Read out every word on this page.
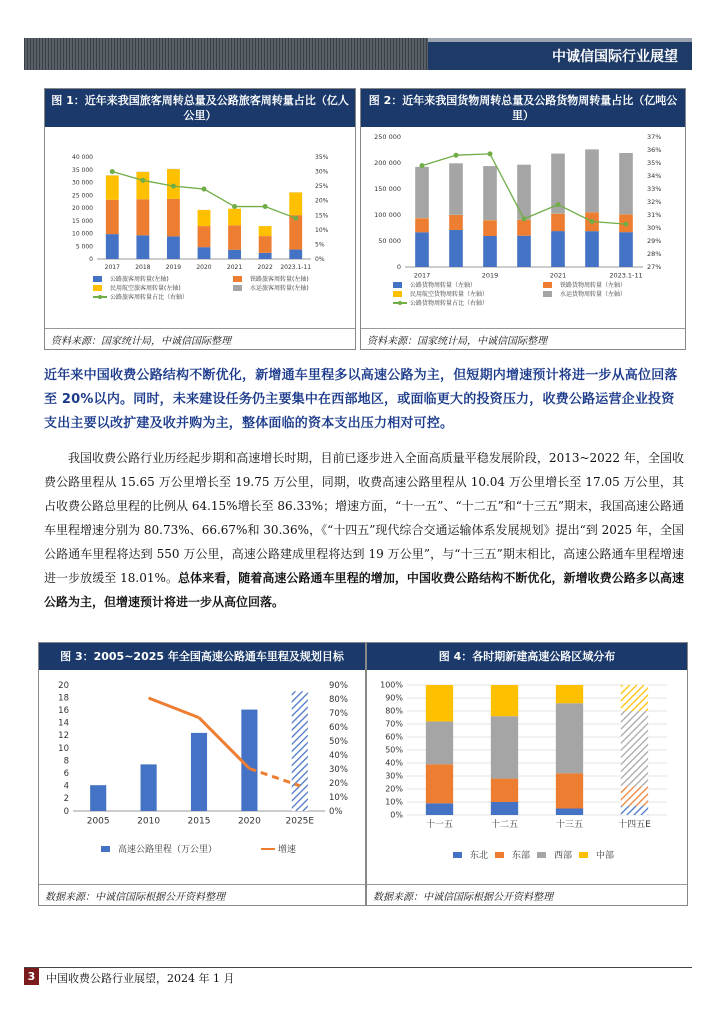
中诚信国际行业展望
图 1：近年来我国旅客周转总量及公路旅客周转量占比（亿人公里）
0
5 000
10 000
15 000
20 000
25 000
30 000
35 000
40 000
0%
5%
10%
15%
20%
25%
30%
35%
2017	2018	2019	2020	2021	2022 2023.1-11
公路旅客周转量(左轴)	铁路旅客周转量(左轴)
民用航空旅客周转量(左轴)	水运旅客周转量(左轴)
公路旅客周转量占比（右轴）
资料来源：国家统计局，中诚信国际整理
图 2：近年来我国货物周转总量及公路货物周转量占比（亿吨公里）
0
50 000
100 000
150 000
200 000
250 000
27%
28%
29%
30%
31%
32%
33%
34%
35%
36%
37%
2017	2019	2021	2023.1-11
公路货物周转量（左轴）	铁路货物周转量（左轴）
民用航空货物周转量（左轴）	水运货物周转量（左轴）
公路货物周转量占比（右轴）
资料来源：国家统计局，中诚信国际整理
近年来中国收费公路结构不断优化，新增通车里程多以高速公路为主，但短期内增速预计将进一步从高位回落至 20%以内。同时，未来建设任务仍主要集中在西部地区，或面临更大的投资压力，收费公路运营企业投资支出主要以改扩建及收并购为主，整体面临的资本支出压力相对可控。
我国收费公路行业历经起步期和高速增长时期，目前已逐步进入全面高质量平稳发展阶段，2013~2022 年，全国收费公路里程从 15.65 万公里增长至 19.75 万公里，同期，收费高速公路里程从 10.04 万公里增长至 17.05 万公里，其占收费公路总里程的比例从 64.15%增长至 86.33%；增速方面，“十一五”、“十二五”和“十三五”期末，我国高速公路通车里程增速分别为 80.73%、66.67%和 30.36%，《“十四五”现代综合交通运输体系发展规划》提出“到 2025 年，全国公路通车里程将达到 550 万公里，高速公路建成里程将达到 19 万公里”，与“十三五”期末相比，高速公路通车里程增速进一步放缓至 18.01%。总体来看，随着高速公路通车里程的增加，中国收费公路结构不断优化，新增收费公路多以高速公路为主，但增速预计将进一步从高位回落。
图 3：2005~2025 年全国高速公路通车里程及规划目标
0
2
4
6
8
10
12
14
16
18
20
0%
10%
20%
30%
40%
50%
60%
70%
80%
90%
2005	2010	2015	2020	2025E
高速公路里程（万公里）	增速
数据来源：中诚信国际根据公开资料整理
图 4：各时期新建高速公路区域分布
0%
10%
20%
30%
40%
50%
60%
70%
80%
90%
100%
十一五	十二五	十三五	十四五E
东北	东部	西部	中部
数据来源：中诚信国际根据公开资料整理
3 中国收费公路行业展望，2024 年 1 月
